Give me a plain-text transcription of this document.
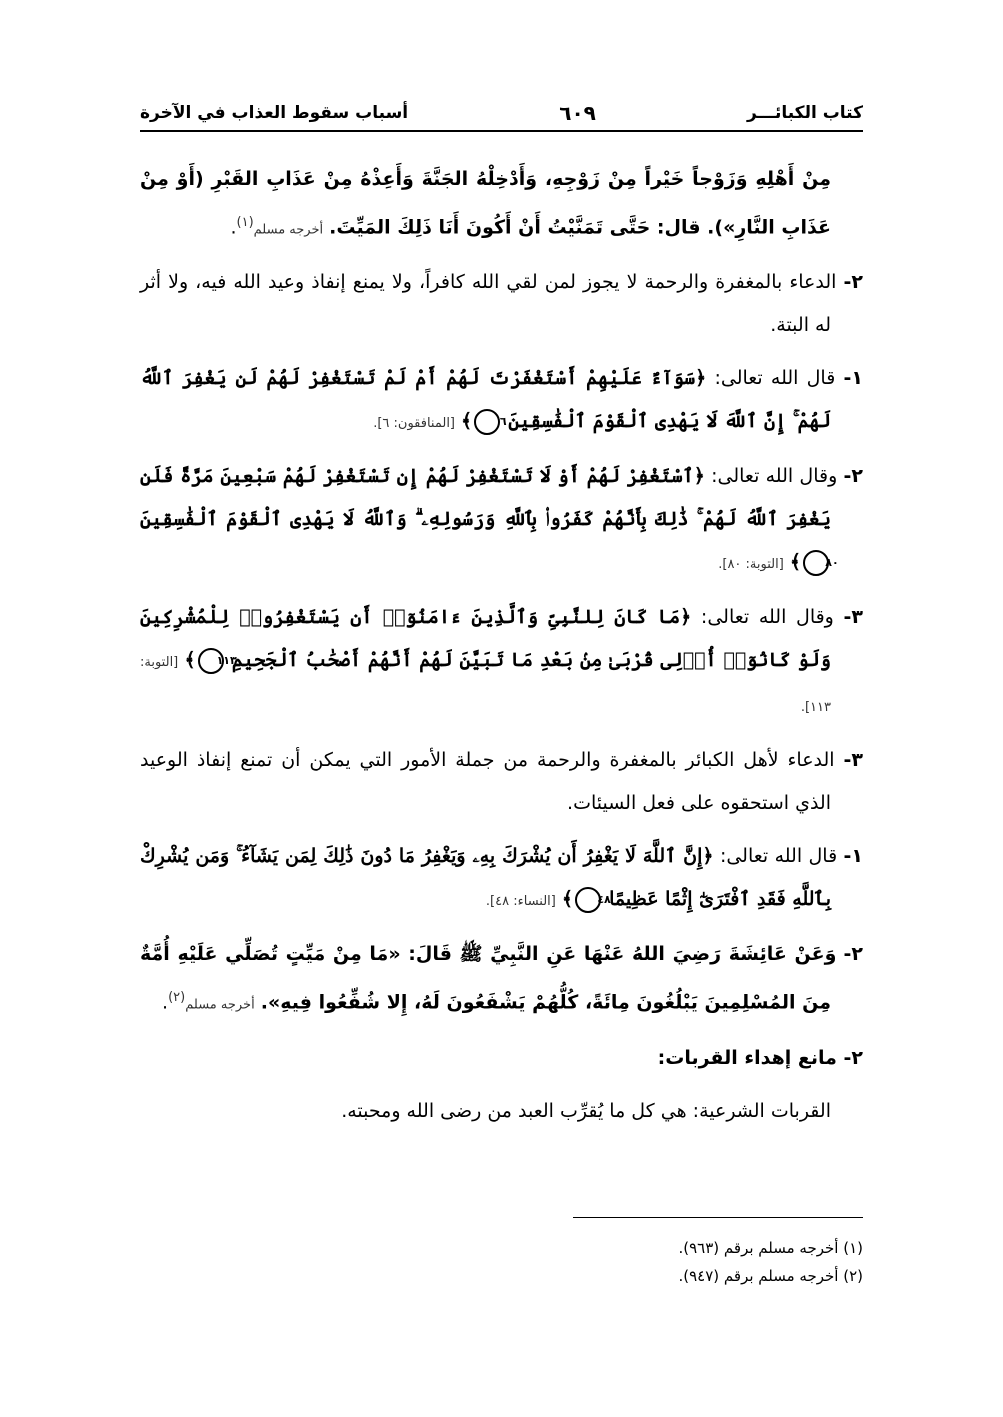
كتاب الكبائـــر
٦٠٩
أسباب سقوط العذاب في الآخرة

مِنْ أَهْلِهِ وَزَوْجاً خَيْراً مِنْ زَوْجِهِ، وَأَدْخِلْهُ الجَنَّةَ وَأَعِذْهُ مِنْ عَذَابِ القَبْرِ (أَوْ مِنْ عَذَابِ النَّارِ»). قال: حَتَّى تَمَنَّيْتُ أَنْ أَكُونَ أَنَا ذَلِكَ المَيِّتَ. أخرجه مسلم$^{(١)}$.

٢- الدعاء بالمغفرة والرحمة لا يجوز لمن لقي الله كافراً، ولا يمنع إنفاذ وعيد الله فيه، ولا أثر له البتة.

١- قال الله تعالى: ﴿سَوَآءٌ عَلَيْهِمْ أَسْتَغْفَرْتَ لَهُمْ أَمْ لَمْ تَسْتَغْفِرْ لَهُمْ لَن يَغْفِرَ ٱللَّهُ لَهُمْ ۚ إِنَّ ٱللَّهَ لَا يَهْدِى ٱلْقَوْمَ ٱلْفَٰسِقِينَ ٦﴾ [المنافقون: ٦].

٢- وقال الله تعالى: ﴿ٱسْتَغْفِرْ لَهُمْ أَوْ لَا تَسْتَغْفِرْ لَهُمْ إِن تَسْتَغْفِرْ لَهُمْ سَبْعِينَ مَرَّةً فَلَن يَغْفِرَ ٱللَّهُ لَهُمْ ۚ ذَٰلِكَ بِأَنَّهُمْ كَفَرُوا۟ بِٱللَّهِ وَرَسُولِهِۦ ۗ وَٱللَّهُ لَا يَهْدِى ٱلْقَوْمَ ٱلْفَٰسِقِينَ ٨٠﴾ [التوبة: ٨٠].

٣- وقال الله تعالى: ﴿مَا كَانَ لِلنَّبِىِّ وَٱلَّذِينَ ءَامَنُوٓا۟ أَن يَسْتَغْفِرُوا۟ لِلْمُشْرِكِينَ وَلَوْ كَانُوٓا۟ أُو۟لِى قُرْبَىٰ مِنۢ بَعْدِ مَا تَبَيَّنَ لَهُمْ أَنَّهُمْ أَصْحَٰبُ ٱلْجَحِيمِ ١١٣﴾ [التوبة: ١١٣].

٣- الدعاء لأهل الكبائر بالمغفرة والرحمة من جملة الأمور التي يمكن أن تمنع إنفاذ الوعيد الذي استحقوه على فعل السيئات.

١- قال الله تعالى: ﴿إِنَّ ٱللَّهَ لَا يَغْفِرُ أَن يُشْرَكَ بِهِۦ وَيَغْفِرُ مَا دُونَ ذَٰلِكَ لِمَن يَشَآءُ ۚ وَمَن يُشْرِكْ بِٱللَّهِ فَقَدِ ٱفْتَرَىٰٓ إِثْمًا عَظِيمًا ٤٨﴾ [النساء: ٤٨].

٢- وَعَنْ عَائِشَةَ رَضِيَ اللهُ عَنْهَا عَنِ النَّبِيِّ ﷺ قَالَ: «مَا مِنْ مَيِّتٍ تُصَلِّي عَلَيْهِ أُمَّةٌ مِنَ المُسْلِمِينَ يَبْلُغُونَ مِائَةً، كُلُّهُمْ يَشْفَعُونَ لَهُ، إِلا شُفِّعُوا فِيهِ». أخرجه مسلم$^{(٢)}$.

٢- مانع إهداء القربات:

القربات الشرعية: هي كل ما يُقرِّب العبد من رضى الله ومحبته.

(١) أخرجه مسلم برقم (٩٦٣).
(٢) أخرجه مسلم برقم (٩٤٧).
